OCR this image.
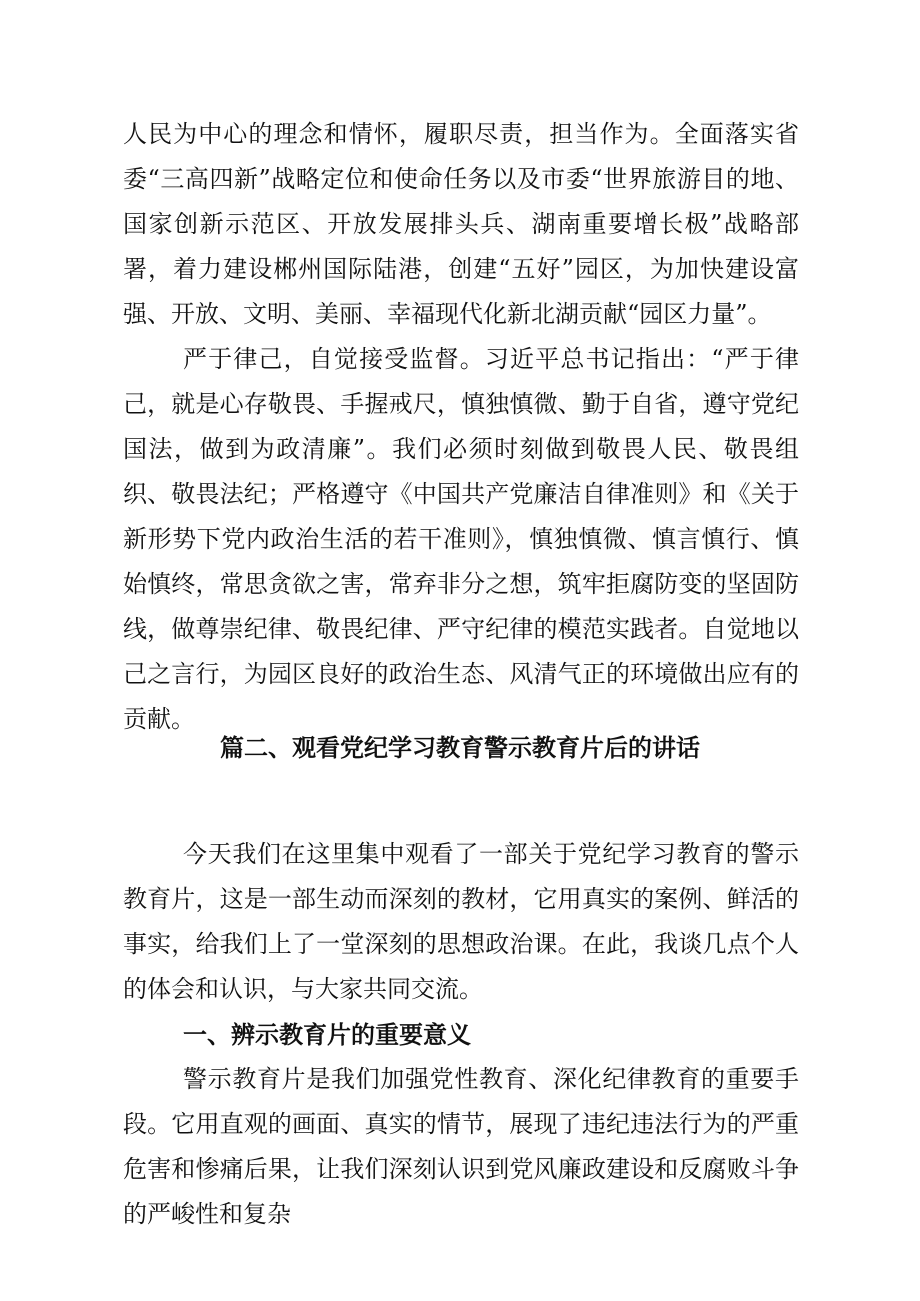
人民为中心的理念和情怀，履职尽责，担当作为。全面落实省委“三高四新”战略定位和使命任务以及市委“世界旅游目的地、国家创新示范区、开放发展排头兵、湖南重要增长极”战略部署，着力建设郴州国际陆港，创建“五好”园区，为加快建设富强、开放、文明、美丽、幸福现代化新北湖贡献“园区力量”。

严于律己，自觉接受监督。习近平总书记指出：“严于律己，就是心存敬畏、手握戒尺，慎独慎微、勤于自省，遵守党纪国法，做到为政清廉”。我们必须时刻做到敬畏人民、敬畏组织、敬畏法纪；严格遵守《中国共产党廉洁自律准则》和《关于新形势下党内政治生活的若干准则》，慎独慎微、慎言慎行、慎始慎终，常思贪欲之害，常弃非分之想，筑牢拒腐防变的坚固防线，做尊崇纪律、敬畏纪律、严守纪律的模范实践者。自觉地以己之言行，为园区良好的政治生态、风清气正的环境做出应有的贡献。

篇二、观看党纪学习教育警示教育片后的讲话

今天我们在这里集中观看了一部关于党纪学习教育的警示教育片，这是一部生动而深刻的教材，它用真实的案例、鲜活的事实，给我们上了一堂深刻的思想政治课。在此，我谈几点个人的体会和认识，与大家共同交流。

一、辨示教育片的重要意义

警示教育片是我们加强党性教育、深化纪律教育的重要手段。它用直观的画面、真实的情节，展现了违纪违法行为的严重危害和惨痛后果，让我们深刻认识到党风廉政建设和反腐败斗争的严峻性和复杂
